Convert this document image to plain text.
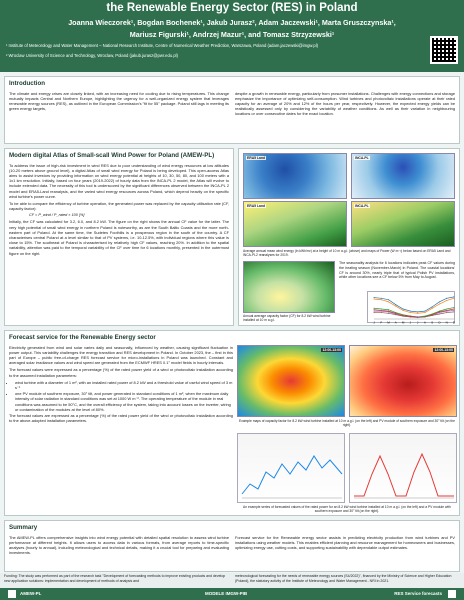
the Renewable Energy Sector (RES) in Poland
Joanna Wieczorek¹, Bogdan Bochenek¹, Jakub Jurasz², Adam Jaczewski¹, Marta Gruszczynska¹,
Mariusz Figurski¹, Andrzej Mazur¹, and Tomasz Strzyzewski¹
¹ Institute of Meteorology and Water Management – National Research Institute, Centre of Numerical Weather Prediction, Warszawa, Poland (adam.jaczewski@imgw.pl)
² Wroclaw University of Science and Technology, Wroclaw, Poland (jakub.jurasz@pwr.edu.pl)
Introduction

The climate and energy crises are closely linked, with an increasing need for cooling due to rising temperatures. This change mutually impacts Central and Northern Europe, highlighting the urgency for a well-organized energy system that leverages renewable energy sources (RES), as outlined in the European Commission's "fit for 55" package. Poland still lags in meeting its green energy targets,

despite a growth in renewable energy, particularly from prosumer installations. Challenges with energy connections and storage emphasize the importance of optimizing self-consumption. Wind turbines and photovoltaic installations operate at their rated capacity for an average of 20% and 12% of the hours per year, respectively. However, the expected energy yields can be realistically assessed only by considering the variability of weather conditions. As well as their variation in neighbouring locations or over consecutive dates for the exact location.

Modern digital Atlas of Small-scall Wind Power for Poland (AMEW-PL)

To address the issue of high-risk investment in wind RES due to poor understanding of wind energy resources at low altitudes (10-20 meters above ground level), a digital Atlas of small wind energy for Poland is being developed. This open-access Atlas aims to assist investors by providing information on wind energy potential at heights of 10, 30, 50, 80, and 100 meters with a 1x1 km resolution. Initially, based on four years (2019-2022) of hourly data from the INCA-PL 2 model, the Atlas will evolve to include extended data. The necessity of this tool is underscored by the significant differences observed between the INCA-PL 2 model and ERA5-Land reanalysis, and the varied wind energy resources across Poland, which depend heavily on the specific wind turbine's power curve.

To be able to compare the efficiency of turbine operation, the generated power was replaced by the capacity utilisation rate (CF, capacity factor):

CF = P_wind / P_rated × 100 [%]

Initially, the CF was calculated for 3.2, 6.0, and 8.2 kW. The figure on the right shows the annual CF value for the latter. The very high potential of small wind energy in northern Poland is noteworthy, as are the South Baltic Coasts and the more north-eastern part of Poland. At the same time, the Sudetes Foothills is a prosperous region in the south of the country. A CF characterises central Poland at a level similar to that of PV systems, i.e. 10-12.5%, with individual regions where this value is close to 15%. The southeast of Poland is characterised by relatively high CF values, reaching 20%. In addition to the spatial variability, attention was paid to the temporal variability of the CF over time for 6 locations monthly, presented in the outermost figure on the right.

ERA5 Land	INCA-PL
ERA5 Land	INCA-PL
Average annual mean wind energy (in kWh/m²) at a height of 10 m a.g.l. (above) and maps of Power (W m⁻²) below based on ERA5 Land and INCA-PL2 reanalyses for 2019.
Annual average capacity factor (CF) for 8.2 kW wind turbine installed at 10 m a.g.l.
The seasonality analysis for 6 locations indicates peak CF values during the heating season (November-March) in Poland. The coastal locations' CF is around 30%, nearly triple that of typical Polish PV installations, while other locations see a CF below 5% from May to August.
J F M A M J J A S O N D
Forecast service for the Renewable Energy sector

Electricity generated from wind and solar varies daily and seasonally, influenced by weather, causing significant fluctuation in power output. This variability challenges the energy transition and RES development in Poland. In October 2023, the – first in this part of Europe – public free-of-charge RES forecast service for micro-installations in Poland was launched. Constant and averaged solar irradiance values and wind speed are generated from the ECMWF HRES 0.1° model fields in hourly intervals.

The forecast values were expressed as a percentage (%) of the rated power yield of a wind or photovoltaic installation according to the assumed installation parameters:

• wind turbine with a diameter of 1 m², with an installed rated power of 8.2 kW and a threshold value of useful wind speed of 3 m s⁻¹
• one PV module of southern exposure, 30° tilt, and power generated in standard conditions of 1 m², when the maximum daily intensity of solar radiation in standard conditions was set at 1000 W m⁻². The operating temperature of the module in real conditions was assumed to be 50°C, and the overall efficiency of the system, taking into account losses on the inverter, wiring or contamination of the modules at the level of 80%.

The forecast values are expressed as a percentage (%) of the rated power yield of the wind or photovoltaic installation according to the above-adopted installation parameters.

12:00-13:00	12:00-13:00
Example maps of capacity factor for 8.2 kW wind turbine installed at 10 m a.g.l. (on the left) and PV module of southern exposure and 30° tilt (on the right).
An example series of forecasted values of the rated power for an 8.2 kW wind turbine installed at 10 m a.g.l. (on the left) and a PV module with southern exposure and 30° tilt (on the right).
Summary

The AMEW-PL offers comprehensive insights into wind energy potential with detailed spatial resolution to assess wind turbine performance at different heights. It allows users to access data in various formats, from average reports to time-specific analyses (hourly to annual), including meteorological and technical details, making it a crucial tool for preparing and evaluating investments.

Forecast service for the Renewable energy sector assists in predicting electricity production from wind turbines and PV installations using weather models. This enables efficient planning and resource management for homeowners and businesses, optimizing energy use, cutting costs, and supporting sustainability with dependable output estimates.

Funding: The study was performed as part of the research task "Development of forecasting methods to improve existing products and develop new application solutions: implementation and development of methods of analysis and
meteorological forecasting for the needs of renewable energy sources (S4/2022)", financed by the Ministry of Science and Higher Education (Poland), the statutory activity of the Institute of Meteorology and Water Management - NRI in 2021.
AMEW-PL	MODELE IMGW-PIB	RES Service forecasts
